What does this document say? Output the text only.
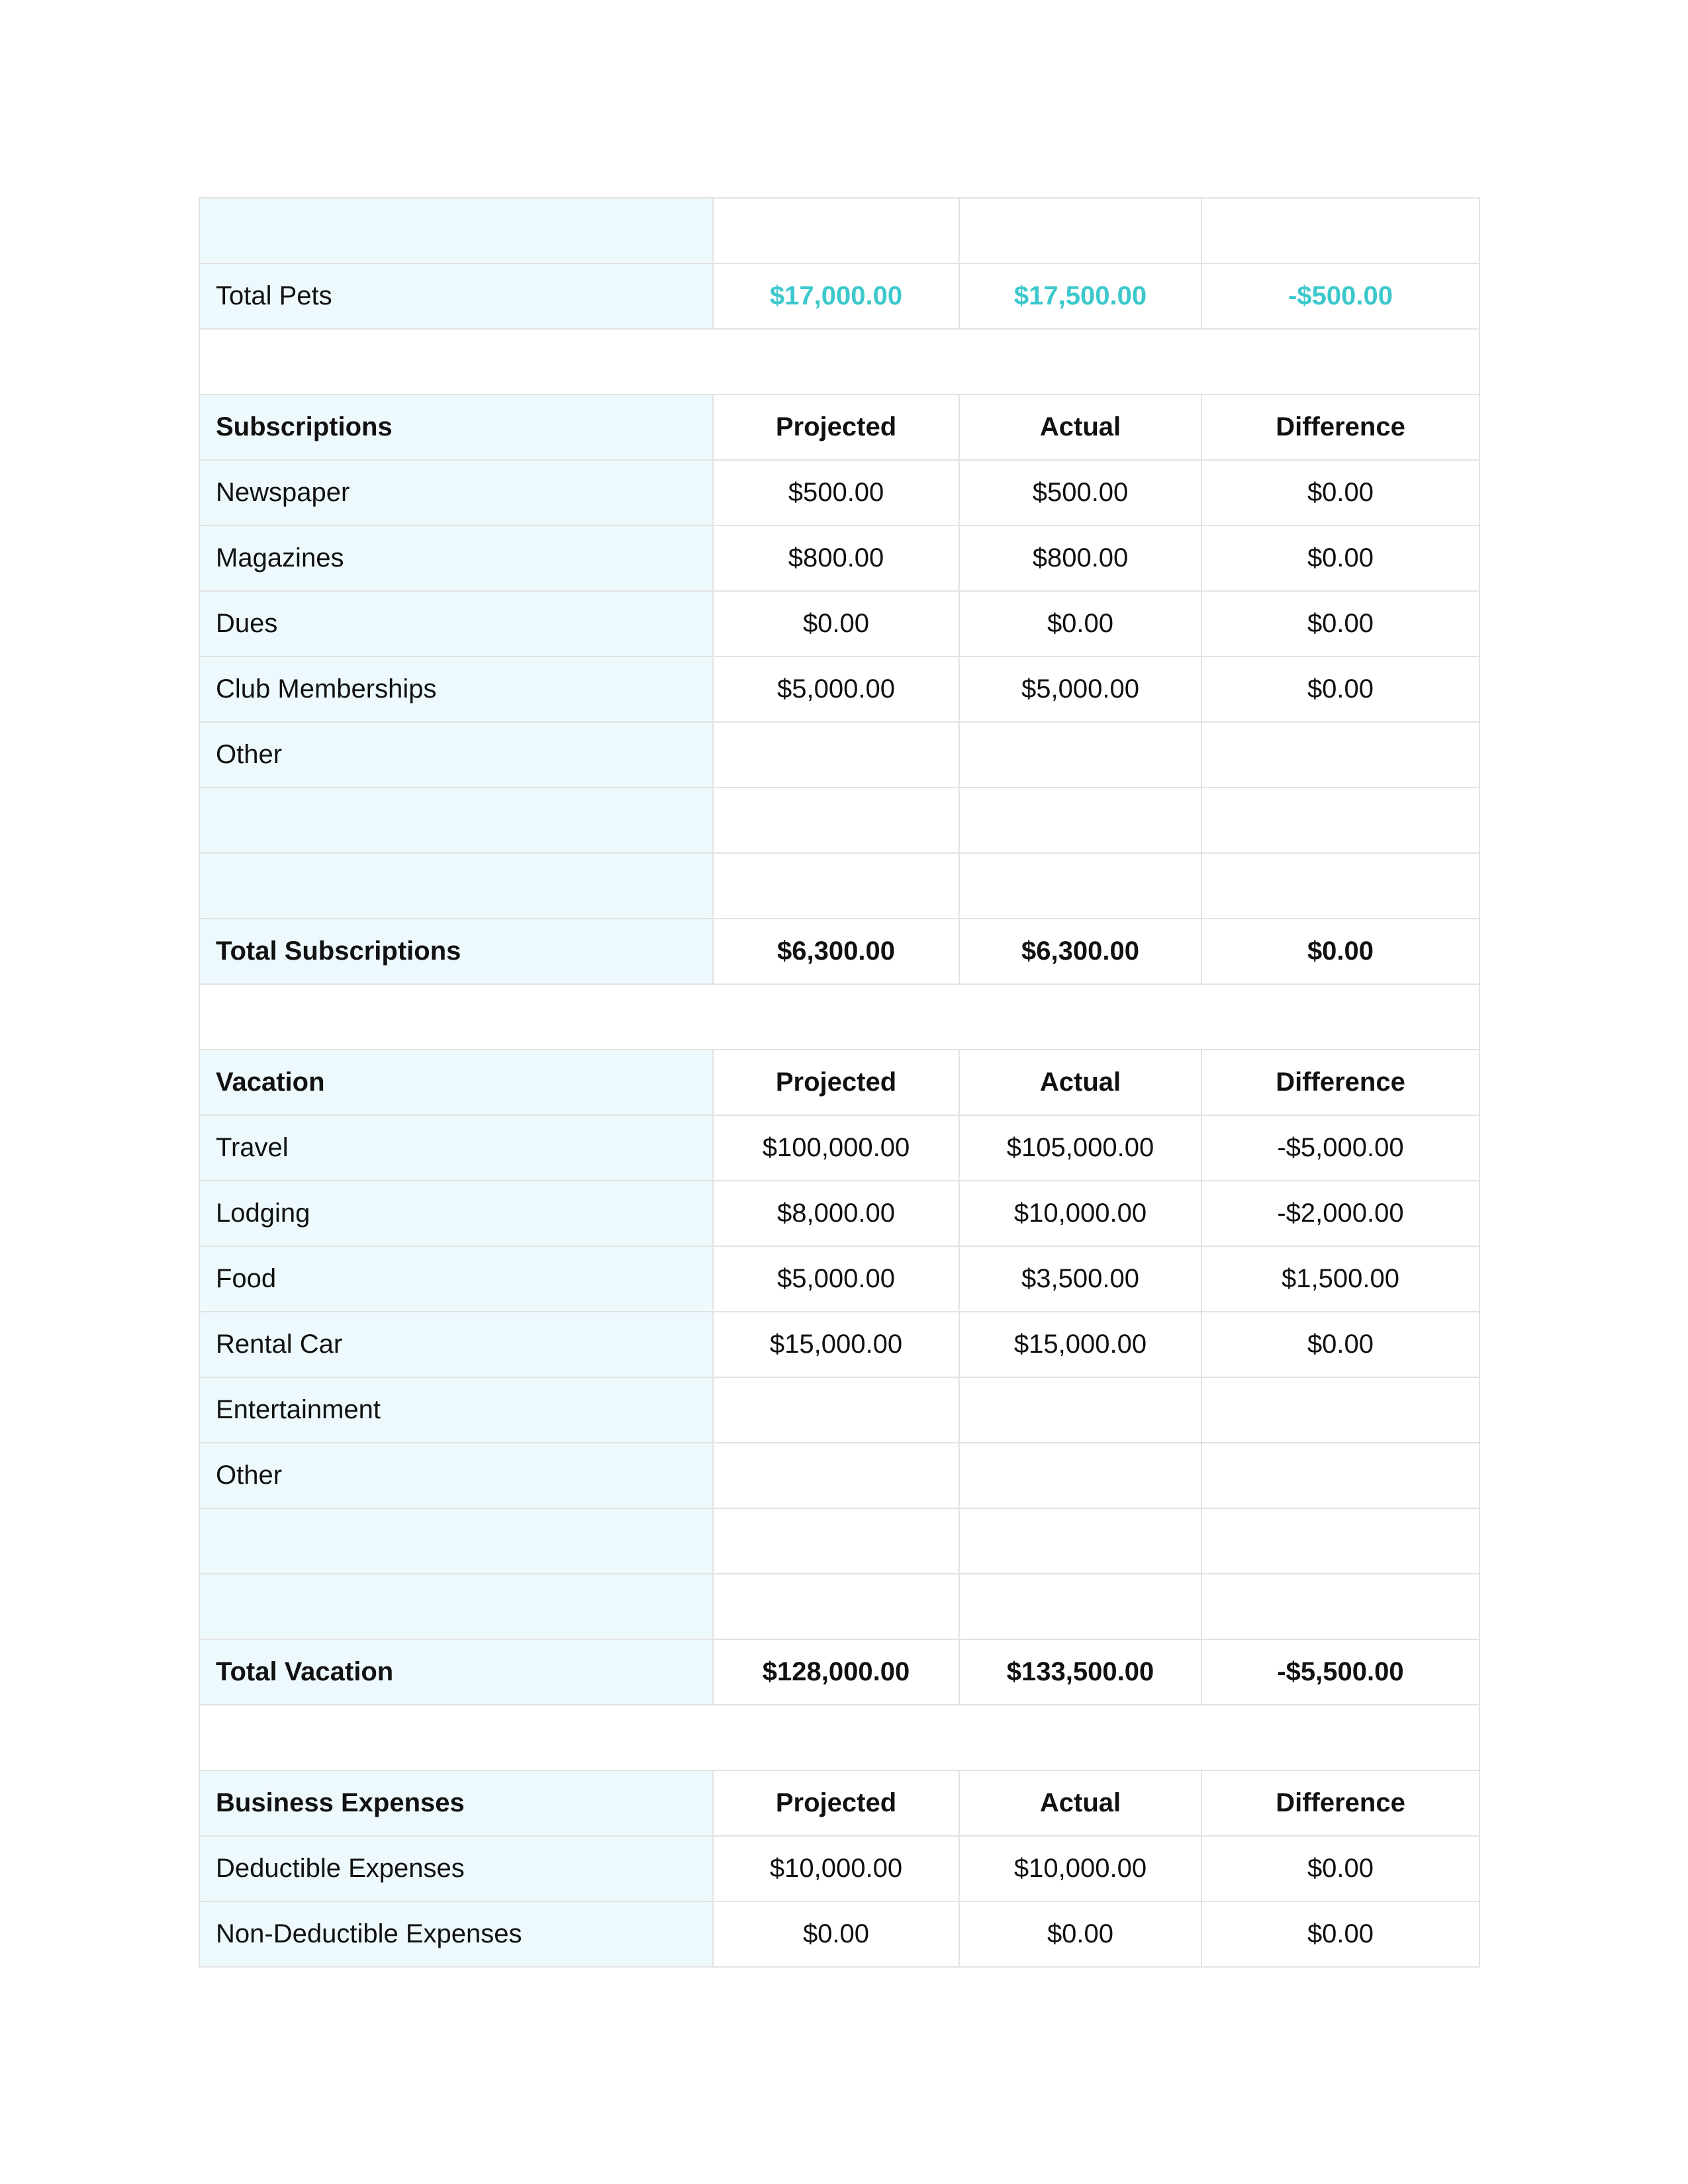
Total Pets	$17,000.00	$17,500.00	-$500.00

Subscriptions	Projected	Actual	Difference
Newspaper	$500.00	$500.00	$0.00
Magazines	$800.00	$800.00	$0.00
Dues	$0.00	$0.00	$0.00
Club Memberships	$5,000.00	$5,000.00	$0.00
Other			

Total Subscriptions	$6,300.00	$6,300.00	$0.00

Vacation	Projected	Actual	Difference
Travel	$100,000.00	$105,000.00	-$5,000.00
Lodging	$8,000.00	$10,000.00	-$2,000.00
Food	$5,000.00	$3,500.00	$1,500.00
Rental Car	$15,000.00	$15,000.00	$0.00
Entertainment			
Other			

Total Vacation	$128,000.00	$133,500.00	-$5,500.00

Business Expenses	Projected	Actual	Difference
Deductible Expenses	$10,000.00	$10,000.00	$0.00
Non-Deductible Expenses	$0.00	$0.00	$0.00
